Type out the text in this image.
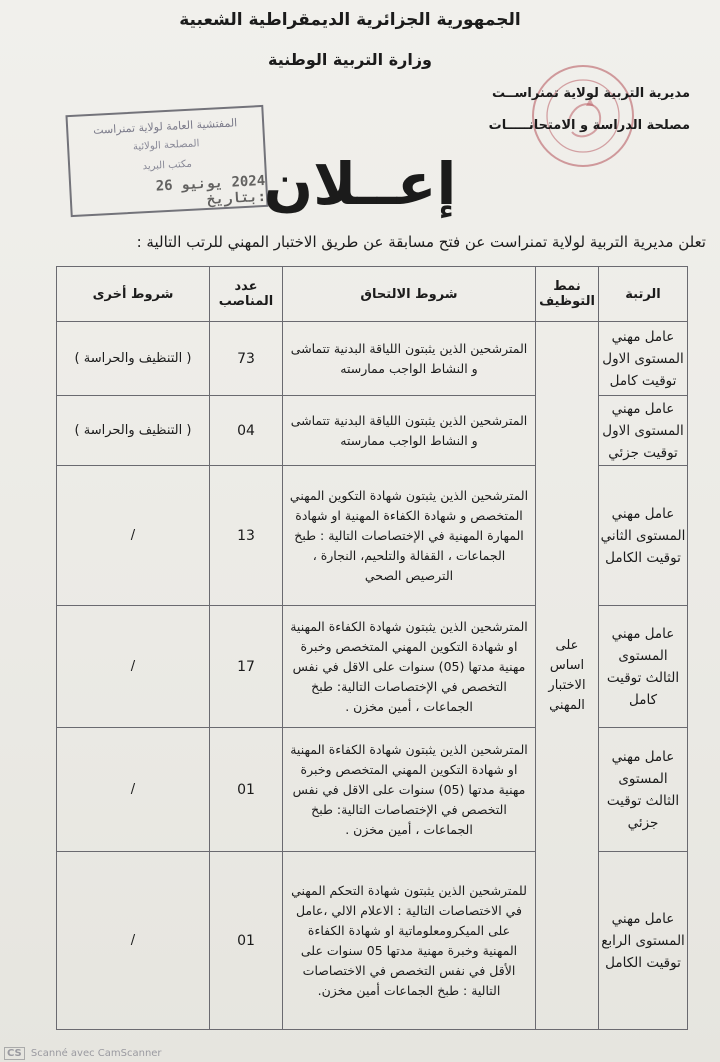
الجمهورية الجزائرية الديمقراطية الشعبية
وزارة التربية الوطنية
مديرية التربية لولاية تمنراســت
مصلحة الدراسة و الامتحانـــــات
المفتشية العامة لولاية تمنراست
المصلحة الولائية
مكتب البريد
2024 يونيو 26 :بتاريخ
إعــلان
تعلن مديرية التربية لولاية تمنراست عن فتح مسابقة عن طريق الاختبار المهني للرتب التالية :
الرتبة	نمط التوظيف	شروط الالتحاق	عدد المناصب	شروط أخرى
عامل مهني المستوى الاول توقيت كامل	على اساس الاختبار المهني	المترشحين الذين يثبتون اللياقة البدنية تتماشى و النشاط الواجب ممارسته	73	( التنظيف والحراسة )
عامل مهني المستوى الاول توقيت جزئي		المترشحين الذين يثبتون اللياقة البدنية تتماشى و النشاط الواجب ممارسته	04	( التنظيف والحراسة )
عامل مهني المستوى الثاني توقيت الكامل		المترشحين الذين يثبتون شهادة التكوين المهني المتخصص و شهادة الكفاءة المهنية او شهادة المهارة المهنية في الإختصاصات التالية : طبخ الجماعات ، القفالة والتلحيم، النجارة ، الترصيص الصحي	13	/
عامل مهني المستوى الثالث توقيت كامل		المترشحين الذين يثبتون شهادة الكفاءة المهنية او شهادة التكوين المهني المتخصص وخبرة مهنية مدتها (05) سنوات على الاقل في نفس التخصص في الإختصاصات التالية: طبخ الجماعات ، أمين مخزن .	17	/
عامل مهني المستوى الثالث توقيت جزئي		المترشحين الذين يثبتون شهادة الكفاءة المهنية او شهادة التكوين المهني المتخصص وخبرة مهنية مدتها (05) سنوات على الاقل في نفس التخصص في الإختصاصات التالية: طبخ الجماعات ، أمين مخزن .	01	/
عامل مهني المستوى الرابع توقيت الكامل		للمترشحين الذين يثبتون شهادة التحكم المهني في الاختصاصات التالية : الاعلام الالي ،عامل على الميكرومعلوماتية او شهادة الكفاءة المهنية وخبرة مهنية مدتها 05 سنوات على الأقل في نفس التخصص في الاختصاصات التالية : طبخ الجماعات أمين مخزن.	01	/
CS Scanné avec CamScanner
